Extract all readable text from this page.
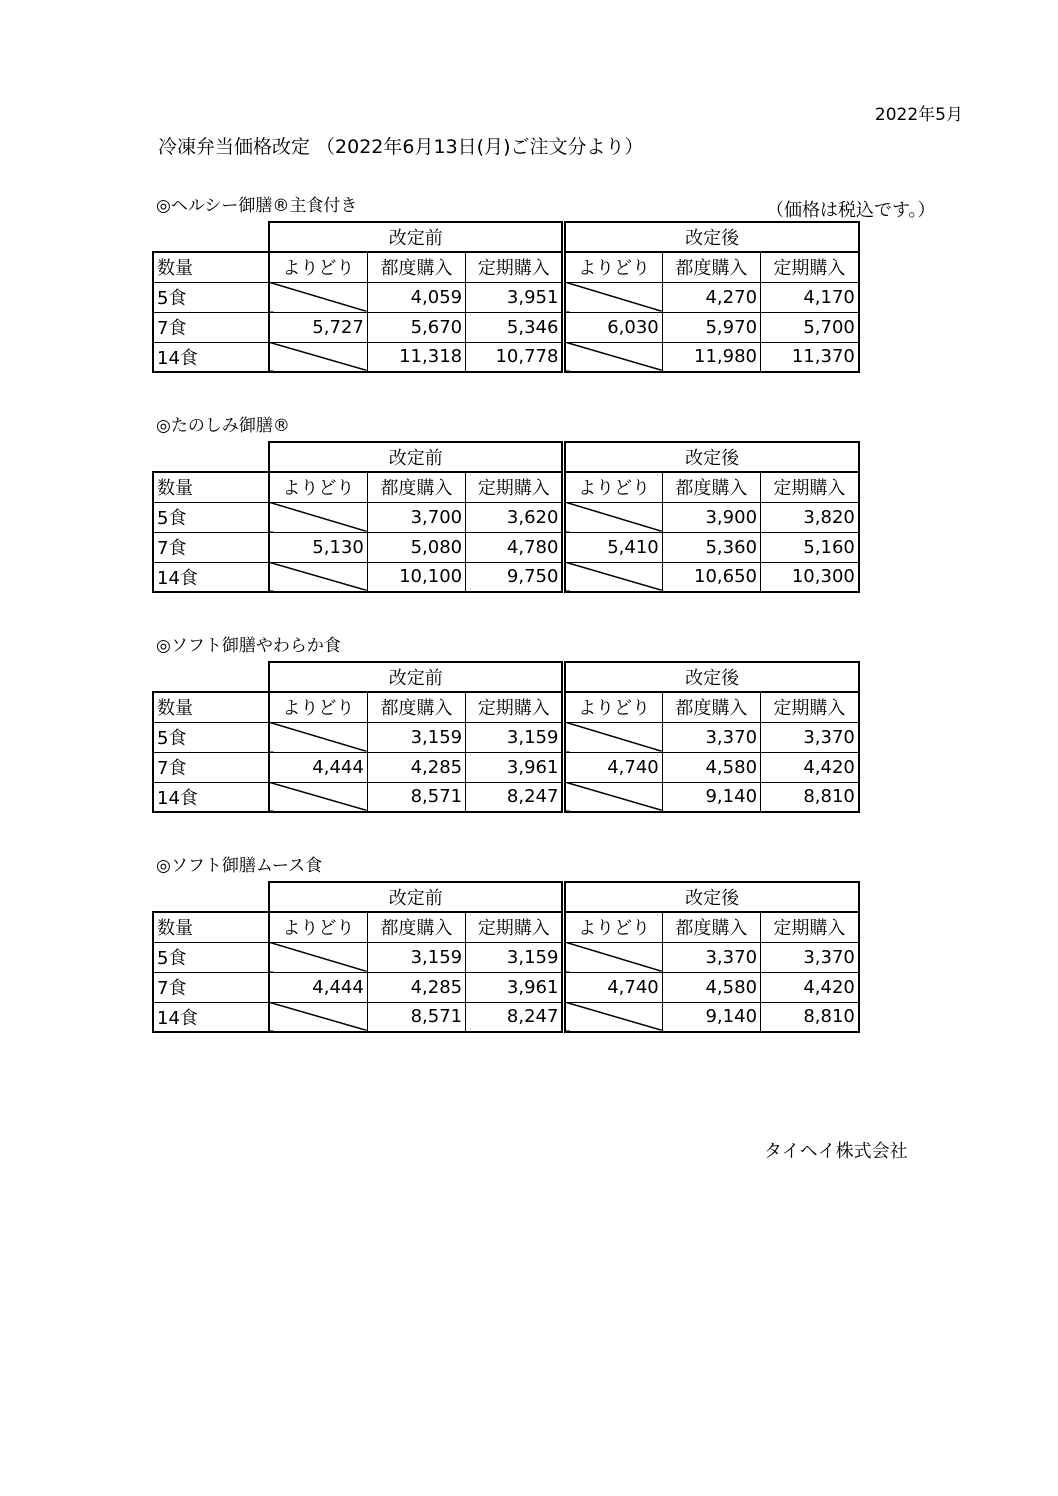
2022年5月
冷凍弁当価格改定 （2022年6月13日(月)ご注文分より）
（価格は税込です。）
◎ヘルシー御膳®主食付き
	改定前			改定後		
数量	よりどり	都度購入	定期購入	よりどり	都度購入	定期購入
5食		4,059	3,951		4,270	4,170
7食	5,727	5,670	5,346	6,030	5,970	5,700
14食		11,318	10,778		11,980	11,370
◎たのしみ御膳®
	改定前			改定後		
数量	よりどり	都度購入	定期購入	よりどり	都度購入	定期購入
5食		3,700	3,620		3,900	3,820
7食	5,130	5,080	4,780	5,410	5,360	5,160
14食		10,100	9,750		10,650	10,300
◎ソフト御膳やわらか食
	改定前			改定後		
数量	よりどり	都度購入	定期購入	よりどり	都度購入	定期購入
5食		3,159	3,159		3,370	3,370
7食	4,444	4,285	3,961	4,740	4,580	4,420
14食		8,571	8,247		9,140	8,810
◎ソフト御膳ムース食
	改定前			改定後		
数量	よりどり	都度購入	定期購入	よりどり	都度購入	定期購入
5食		3,159	3,159		3,370	3,370
7食	4,444	4,285	3,961	4,740	4,580	4,420
14食		8,571	8,247		9,140	8,810
タイヘイ株式会社
